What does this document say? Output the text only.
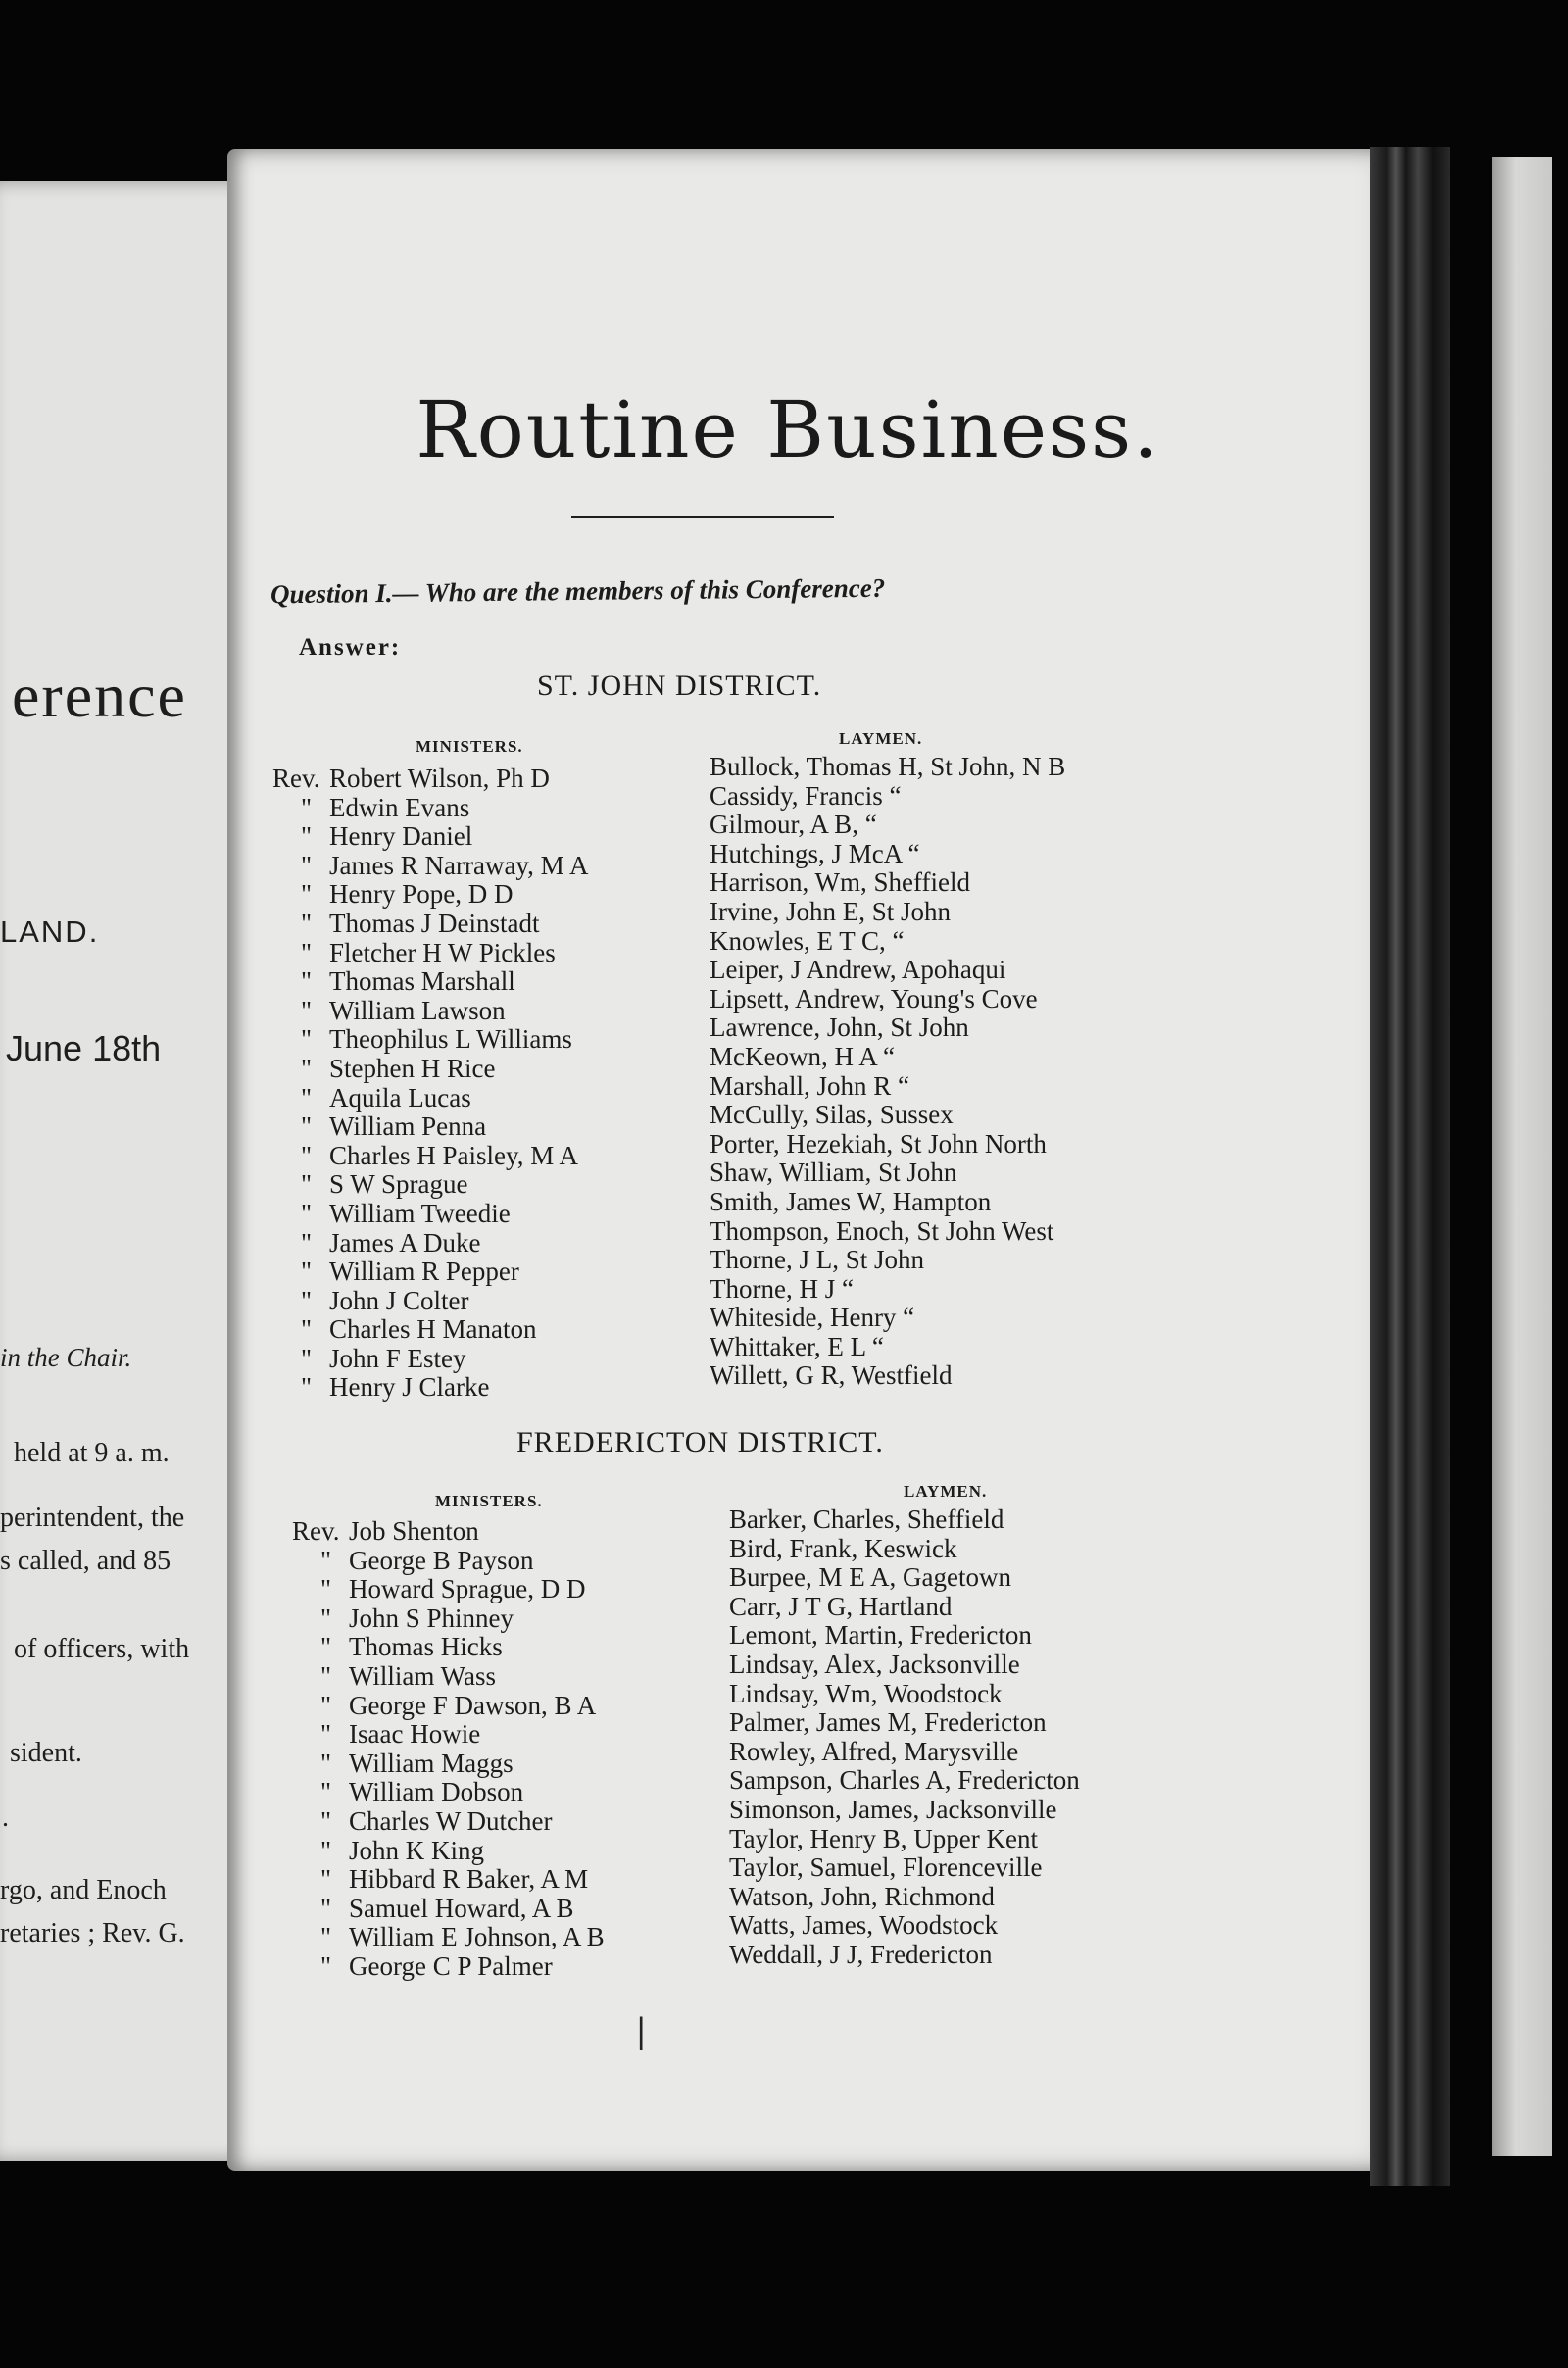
erence
LAND.
June 18th
in the Chair.
held at 9 a. m.
perintendent, the
s called, and 85
of officers, with
sident.
.
rgo, and Enoch
retaries ; Rev. G.
Routine Business.
Question I.— Who are the members of this Conference?
Answer:
ST. JOHN DISTRICT.
MINISTERS.	LAYMEN.
Rev. Robert Wilson, Ph D
" Edwin Evans
" Henry Daniel
" James R Narraway, M A
" Henry Pope, D D
" Thomas J Deinstadt
" Fletcher H W Pickles
" Thomas Marshall
" William Lawson
" Theophilus L Williams
" Stephen H Rice
" Aquila Lucas
" William Penna
" Charles H Paisley, M A
" S W Sprague
" William Tweedie
" James A Duke
" William R Pepper
" John J Colter
" Charles H Manaton
" John F Estey
" Henry J Clarke
Bullock, Thomas H, St John, N B
Cassidy, Francis “
Gilmour, A B, “
Hutchings, J McA “
Harrison, Wm, Sheffield
Irvine, John E, St John
Knowles, E T C, “
Leiper, J Andrew, Apohaqui
Lipsett, Andrew, Young's Cove
Lawrence, John, St John
McKeown, H A “
Marshall, John R “
McCully, Silas, Sussex
Porter, Hezekiah, St John North
Shaw, William, St John
Smith, James W, Hampton
Thompson, Enoch, St John West
Thorne, J L, St John
Thorne, H J “
Whiteside, Henry “
Whittaker, E L “
Willett, G R, Westfield
FREDERICTON DISTRICT.
MINISTERS.
LAYMEN.
Rev. Job Shenton
" George B Payson
" Howard Sprague, D D
" John S Phinney
" Thomas Hicks
" William Wass
" George F Dawson, B A
" Isaac Howie
" William Maggs
" William Dobson
" Charles W Dutcher
" John K King
" Hibbard R Baker, A M
" Samuel Howard, A B
" William E Johnson, A B
" George C P Palmer
Barker, Charles, Sheffield
Bird, Frank, Keswick
Burpee, M E A, Gagetown
Carr, J T G, Hartland
Lemont, Martin, Fredericton
Lindsay, Alex, Jacksonville
Lindsay, Wm, Woodstock
Palmer, James M, Fredericton
Rowley, Alfred, Marysville
Sampson, Charles A, Fredericton
Simonson, James, Jacksonville
Taylor, Henry B, Upper Kent
Taylor, Samuel, Florenceville
Watson, John, Richmond
Watts, James, Woodstock
Weddall, J J, Fredericton
|
